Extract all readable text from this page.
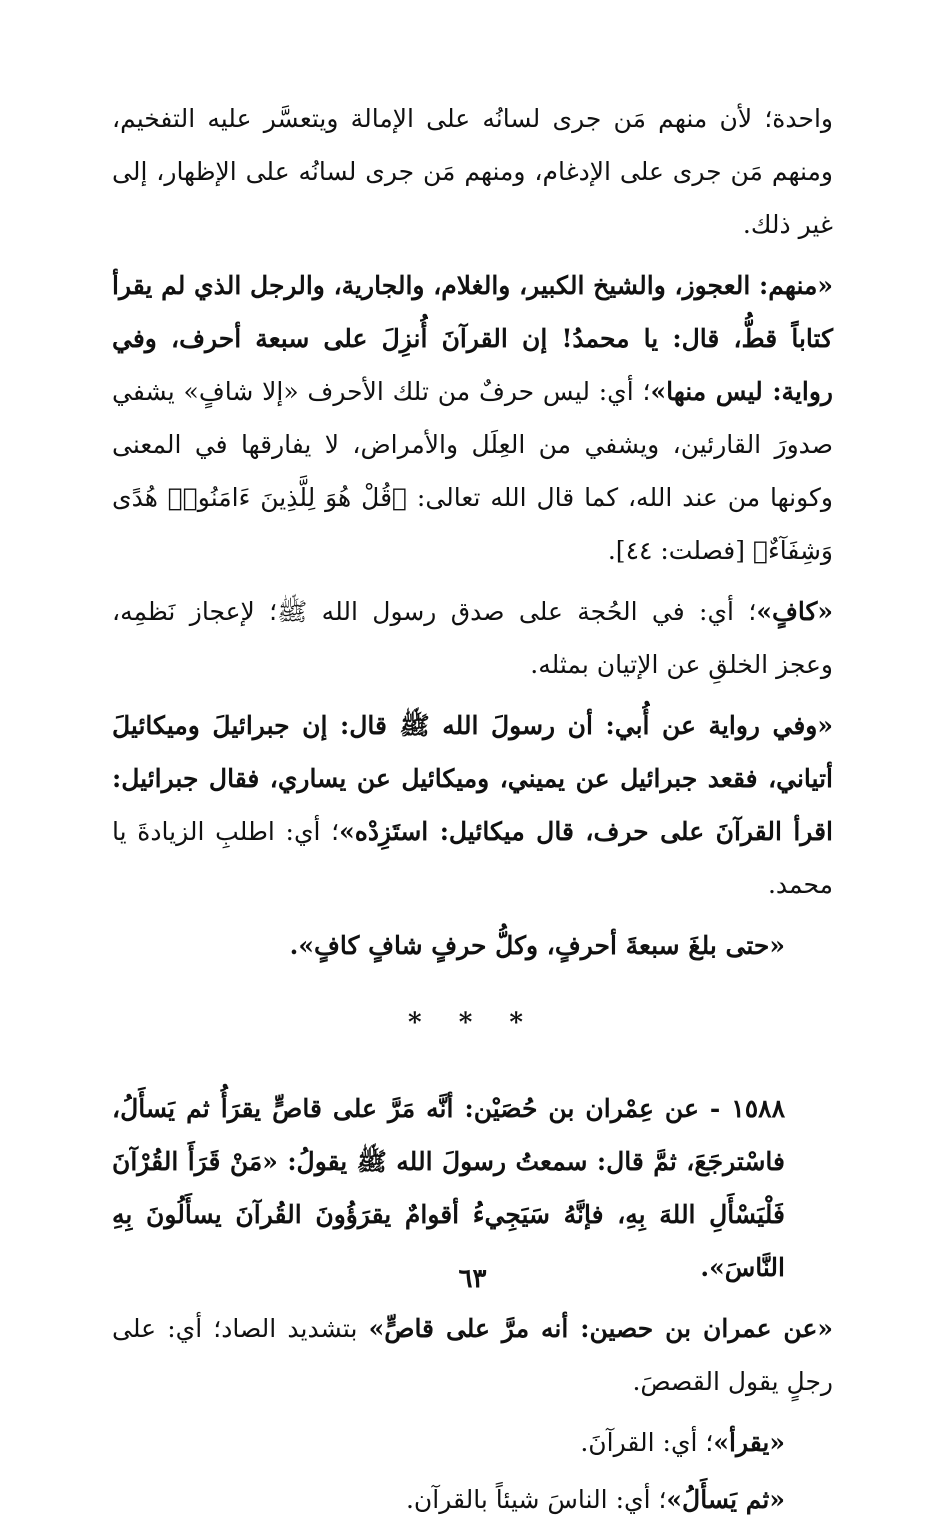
واحدة؛ لأن منهم مَن جرى لسانُه على الإمالة ويتعسَّر عليه التفخيم، ومنهم مَن جرى على الإدغام، ومنهم مَن جرى لسانُه على الإظهار، إلى غير ذلك.

«منهم: العجوز، والشيخ الكبير، والغلام، والجارية، والرجل الذي لم يقرأ كتاباً قطُّ، قال: يا محمدُ! إن القرآنَ أُنزِلَ على سبعة أحرف، وفي رواية: ليس منها»؛ أي: ليس حرفٌ من تلك الأحرف «إلا شافٍ» يشفي صدورَ القارئين، ويشفي من العِلَل والأمراض، لا يفارقها في المعنى وكونها من عند الله، كما قال الله تعالى: ﴿قُلْ هُوَ لِلَّذِينَ ءَامَنُوا۟ هُدًى وَشِفَآءٌ﴾ [فصلت: ٤٤].

«كافٍ»؛ أي: في الحُجة على صدق رسول الله ﷺ؛ لإعجاز نَظمِه، وعجز الخلقِ عن الإتيان بمثله.

«وفي رواية عن أُبي: أن رسولَ الله ﷺ قال: إن جبرائيلَ وميكائيلَ أتياني، فقعد جبرائيل عن يميني، وميكائيل عن يساري، فقال جبرائيل: اقرأ القرآنَ على حرف، قال ميكائيل: استَزِدْه»؛ أي: اطلبِ الزيادةَ يا محمد.

«حتى بلغَ سبعةَ أحرفٍ، وكلُّ حرفٍ شافٍ كافٍ».

* * *

١٥٨٨ - عن عِمْران بن حُصَيْن: أنَّه مَرَّ على قاصٍّ يقرَأُ ثم يَسأَلُ، فاسْترجَعَ، ثمَّ قال: سمعتُ رسولَ الله ﷺ يقولُ: «مَنْ قَرَأَ القُرْآنَ فَلْيَسْأَلِ اللهَ بِهِ، فإنَّهُ سَيَجِيءُ أقوامٌ يقرَؤُونَ القُرآنَ يسأَلُونَ بِهِ النَّاسَ».

«عن عمران بن حصين: أنه مرَّ على قاصٍّ» بتشديد الصاد؛ أي: على رجلٍ يقول القصصَ.

«يقرأ»؛ أي: القرآنَ.

«ثم يَسأَلُ»؛ أي: الناسَ شيئاً بالقرآن.

٦٣
